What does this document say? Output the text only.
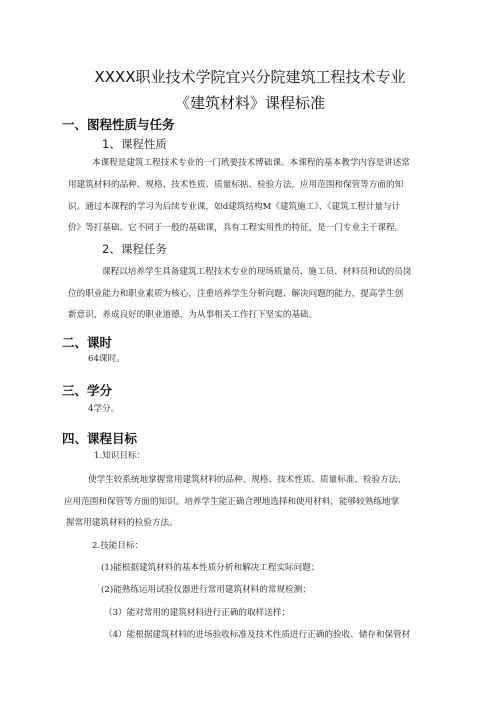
XXXX职业技术学院宜兴分院建筑工程技术专业
《建筑材料》课程标准
一、图程性质与任务
1、课程性质
本课程是建筑工程技术专业的一门玳要技术博础课。本课程的基本教学内容是讲述常
用建筑材料的品种、规格、技术性质、质量标掂、检验方法，应用范围和保管等方面的知
识。通过本课程的学习为后续专业课，如d建筑结构M《建筑施工》、《建筑工程计量与计
价》等打基础。它不同于一般的基础课，具有工程实用性的特征，是一门专业主干课程。
2、课程任务
课程以培养学生具备建筑工程技术专业的现场质量员、施工员、材料员和试的员岗
位的职业能力和职业素质为核心，注重培养学生分析问题、解决问题的能力，提高学生创
新意识，养成良好的职业道德，为从事相关工作打下坚实的基础。
二、课时
64课时。
三、学分
4学分。
四、课程目标
1.知识目标：
使学生较系统地掌握常用建筑材料的品种、规格、技术性质、质量标准、检验方法、
应用范围和保管等方面的知识。培养学生能正确合理地选择和使用材料，能够较熟练地掌
握常用建筑材料的检验方法。
2.技能目标：
(1)能根据建筑材料的基本性质分析和解决工程实际问题；
(2)能熟练运用试验仪器进行常用建筑材料的常规检测；
（3）能对常用的建筑材料进行正确的取样送样；
（4）能根据建筑材料的进场验收标准及技术性质进行正确的验收、储存和保管材
